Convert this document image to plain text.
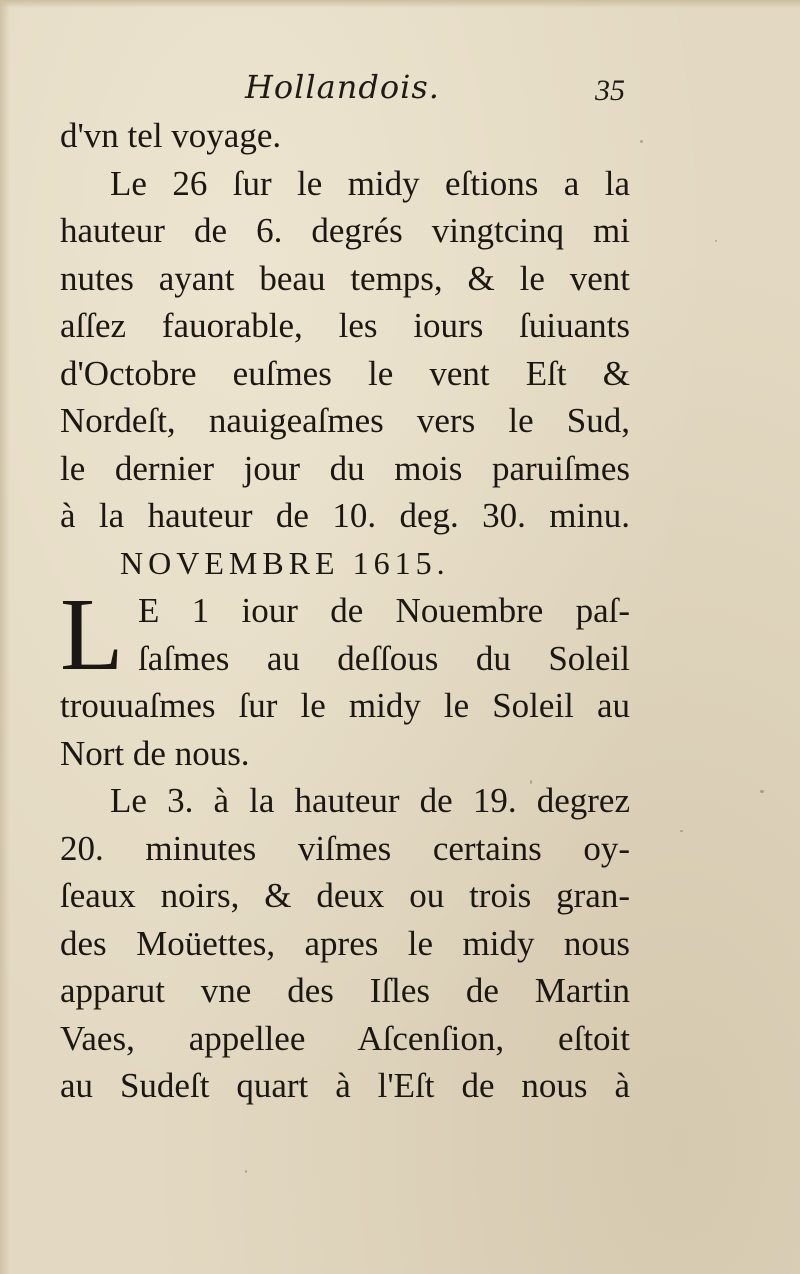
Hollandois.	35
d'vn tel voyage.
Le 26 ſur le midy eſtions a la
hauteur de 6. degrés vingtcinq mi
nutes ayant beau temps, & le vent
aſſez fauorable, les iours ſuiuants
d'Octobre euſmes le vent Eſt &
Nordeſt, nauigeaſmes vers le Sud,
le dernier jour du mois paruiſmes
à la hauteur de 10. deg. 30. minu.
NOVEMBRE 1615.
L E 1 iour de Nouembre paſ-
ſaſmes au deſſous du Soleil
trouuaſmes ſur le midy le Soleil au
Nort de nous.
Le 3. à la hauteur de 19. degrez
20. minutes viſmes certains oy-
ſeaux noirs, & deux ou trois gran-
des Moüettes, apres le midy nous
apparut vne des Iſles de Martin
Vaes, appellee Aſcenſion, eſtoit
au Sudeſt quart à l'Eſt de nous à
